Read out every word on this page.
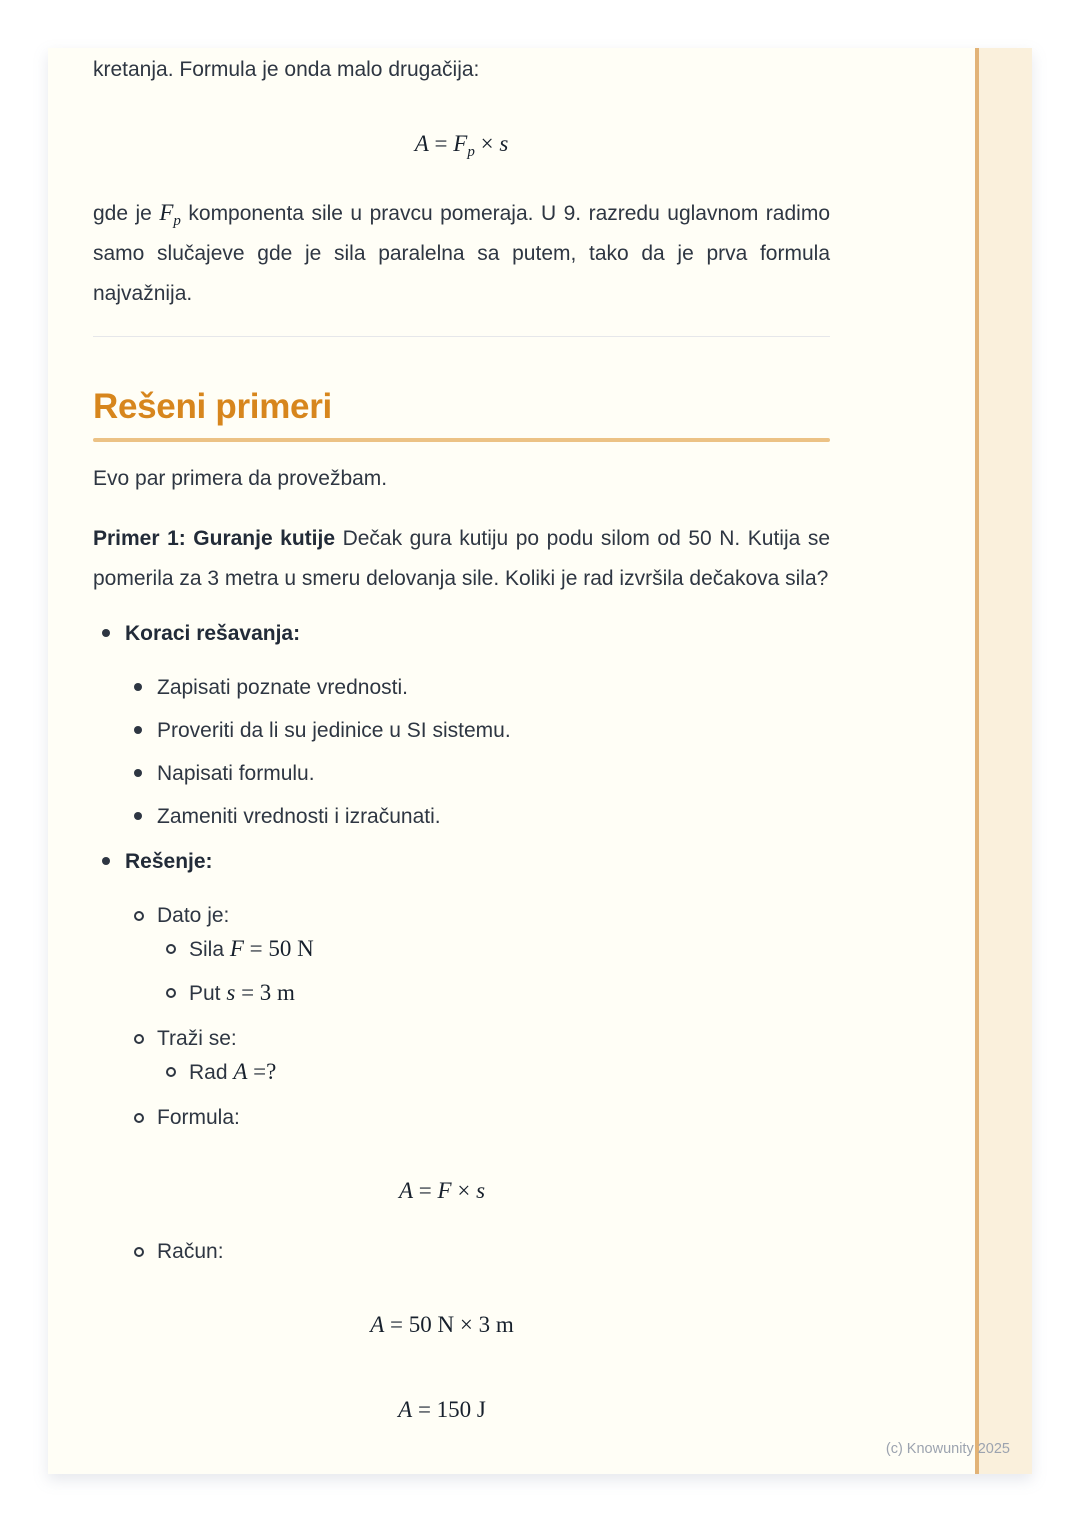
kretanja. Formula je onda malo drugačija:

$A = F_p \times s$

gde je $F_p$ komponenta sile u pravcu pomeraja. U 9. razredu uglavnom radimo samo slučajeve gde je sila paralelna sa putem, tako da je prva formula najvažnija.

Rešeni primeri

Evo par primera da provežbam.

Primer 1: Guranje kutije Dečak gura kutiju po podu silom od 50 N. Kutija se pomerila za 3 metra u smeru delovanja sile. Koliki je rad izvršila dečakova sila?

Koraci rešavanja:
Zapisati poznate vrednosti.
Proveriti da li su jedinice u SI sistemu.
Napisati formulu.
Zameniti vrednosti i izračunati.
Rešenje:
Dato je:
Sila F = 50 N
Put s = 3 m
Traži se:
Rad A =?
Formula:
A = F × s
Račun:
A = 50 N × 3 m
A = 150 J
(c) Knowunity 2025
